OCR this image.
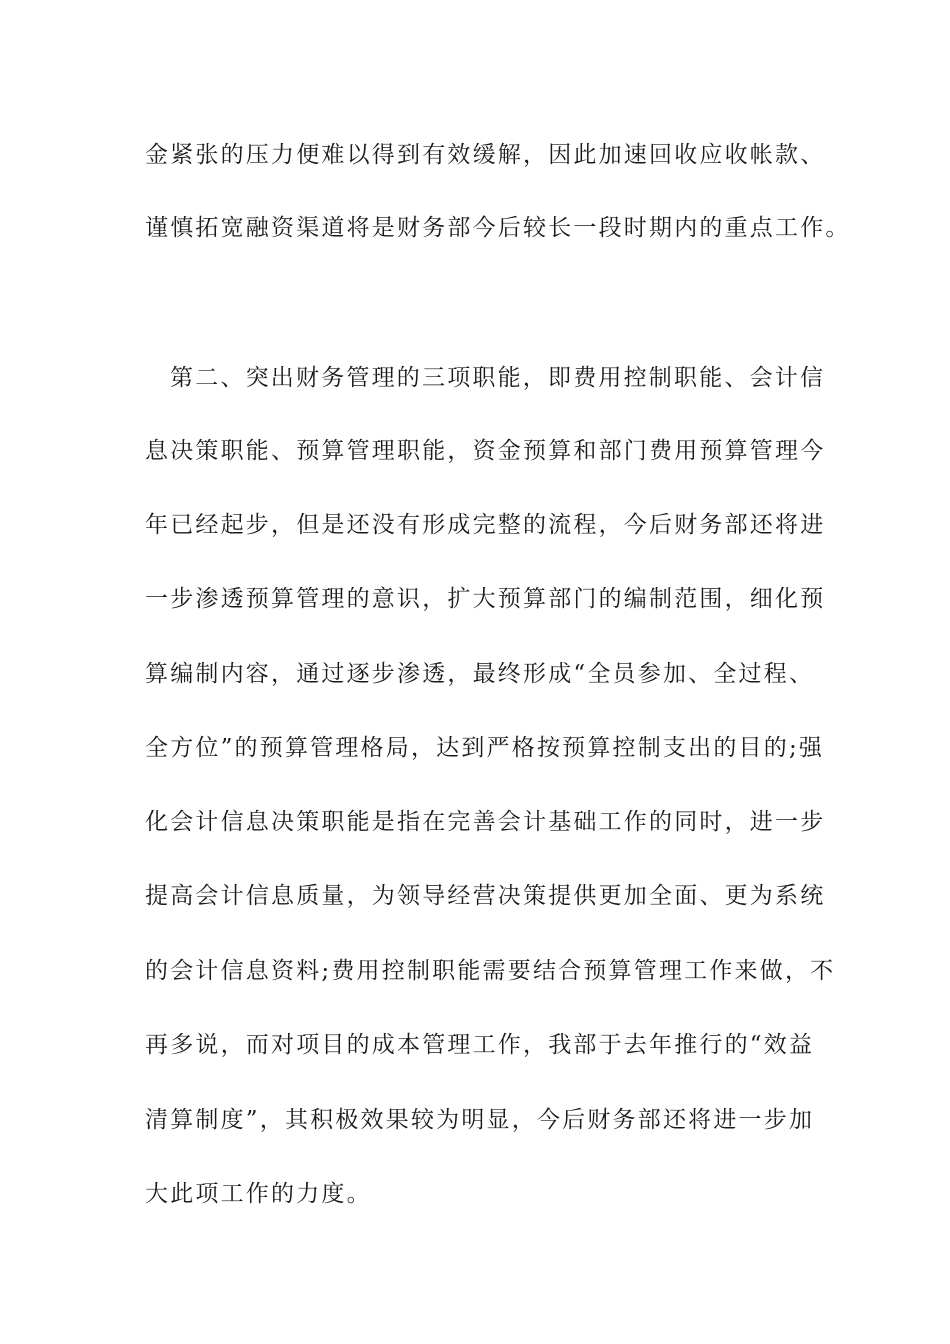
金紧张的压力便难以得到有效缓解，因此加速回收应收帐款、
谨慎拓宽融资渠道将是财务部今后较长一段时期内的重点工作。
第二、突出财务管理的三项职能，即费用控制职能、会计信
息决策职能、预算管理职能，资金预算和部门费用预算管理今
年已经起步，但是还没有形成完整的流程，今后财务部还将进
一步渗透预算管理的意识，扩大预算部门的编制范围，细化预
算编制内容，通过逐步渗透，最终形成“全员参加、全过程、
全方位”的预算管理格局，达到严格按预算控制支出的目的;强
化会计信息决策职能是指在完善会计基础工作的同时，进一步
提高会计信息质量，为领导经营决策提供更加全面、更为系统
的会计信息资料;费用控制职能需要结合预算管理工作来做，不
再多说，而对项目的成本管理工作，我部于去年推行的“效益
清算制度”，其积极效果较为明显，今后财务部还将进一步加
大此项工作的力度。
